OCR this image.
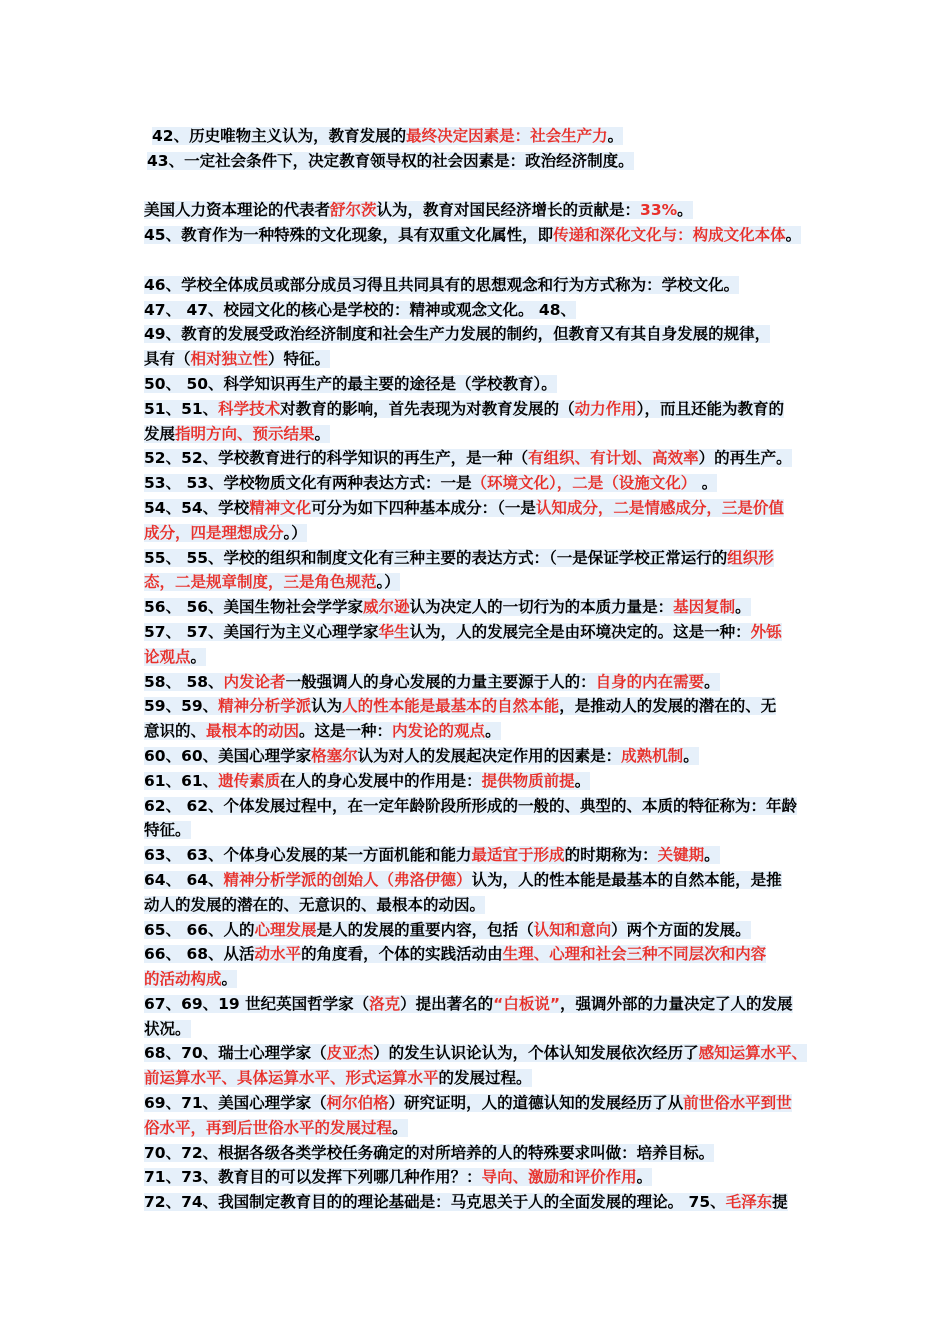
42、历史唯物主义认为，教育发展的最终决定因素是：社会生产力。
43、一定社会条件下，决定教育领导权的社会因素是：政治经济制度。
美国人力资本理论的代表者舒尔茨认为，教育对国民经济增长的贡献是：33%。
45、教育作为一种特殊的文化现象，具有双重文化属性，即传递和深化文化与：构成文化本体。
46、学校全体成员或部分成员习得且共同具有的思想观念和行为方式称为：学校文化。
47、 47、校园文化的核心是学校的：精神或观念文化。 48、
49、教育的发展受政治经济制度和社会生产力发展的制约，但教育又有其自身发展的规律，
具有（相对独立性）特征。
50、 50、科学知识再生产的最主要的途径是（学校教育）。
51、51、科学技术对教育的影响，首先表现为对教育发展的（动力作用），而且还能为教育的
发展指明方向、预示结果。
52、52、学校教育进行的科学知识的再生产，是一种（有组织、有计划、高效率）的再生产。
53、 53、学校物质文化有两种表达方式：一是（环境文化），二是（设施文化） 。
54、54、学校精神文化可分为如下四种基本成分：（一是认知成分，二是情感成分，三是价值
成分，四是理想成分。）
55、 55、学校的组织和制度文化有三种主要的表达方式：（一是保证学校正常运行的组织形
态，二是规章制度，三是角色规范。）
56、 56、美国生物社会学学家威尔逊认为决定人的一切行为的本质力量是：基因复制。
57、 57、美国行为主义心理学家华生认为，人的发展完全是由环境决定的。这是一种：外铄
论观点。
58、 58、内发论者一般强调人的身心发展的力量主要源于人的：自身的内在需要。
59、59、精神分析学派认为人的性本能是最基本的自然本能，是推动人的发展的潜在的、无
意识的、最根本的动因。这是一种：内发论的观点。
60、60、美国心理学家格塞尔认为对人的发展起决定作用的因素是：成熟机制。
61、61、遗传素质在人的身心发展中的作用是：提供物质前提。
62、 62、个体发展过程中，在一定年龄阶段所形成的一般的、典型的、本质的特征称为：年龄
特征。
63、 63、个体身心发展的某一方面机能和能力最适宜于形成的时期称为：关键期。
64、 64、精神分析学派的创始人（弗洛伊德）认为，人的性本能是最基本的自然本能，是推
动人的发展的潜在的、无意识的、最根本的动因。
65、 66、人的心理发展是人的发展的重要内容，包括（认知和意向）两个方面的发展。
66、 68、从活动水平的角度看，个体的实践活动由生理、心理和社会三种不同层次和内容
的活动构成。
67、69、19 世纪英国哲学家（洛克）提出著名的“白板说”，强调外部的力量决定了人的发展
状况。
68、70、瑞士心理学家（皮亚杰）的发生认识论认为，个体认知发展依次经历了感知运算水平、
前运算水平、具体运算水平、形式运算水平的发展过程。
69、71、美国心理学家（柯尔伯格）研究证明，人的道德认知的发展经历了从前世俗水平到世
俗水平，再到后世俗水平的发展过程。
70、72、根据各级各类学校任务确定的对所培养的人的特殊要求叫做：培养目标。
71、73、教育目的可以发挥下列哪几种作用？：导向、激励和评价作用。
72、74、我国制定教育目的的理论基础是：马克思关于人的全面发展的理论。 75、毛泽东提
